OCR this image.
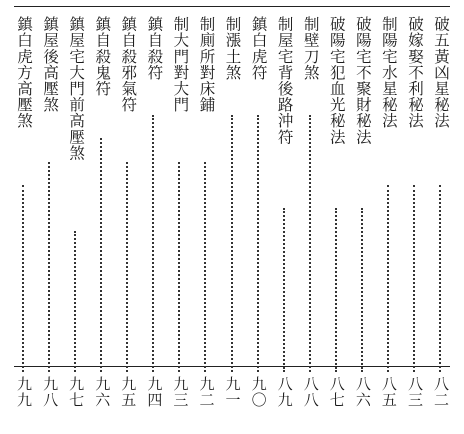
破五黃凶星秘法
八二
破嫁娶不利秘法
八三
制陽宅水星秘法
八五
破陽宅不聚財秘法
八六
破陽宅犯血光秘法
八七
制壁刀煞
八八
制屋宅背後路沖符
八九
鎮白虎符
九〇
制漲土煞
九一
制廁所對床鋪
九二
制大門對大門
九三
鎮自殺符
九四
鎮自殺邪氣符
九五
鎮自殺鬼符
九六
鎮屋宅大門前高壓煞
九七
鎮屋後高壓煞
九八
鎮白虎方高壓煞
九九
